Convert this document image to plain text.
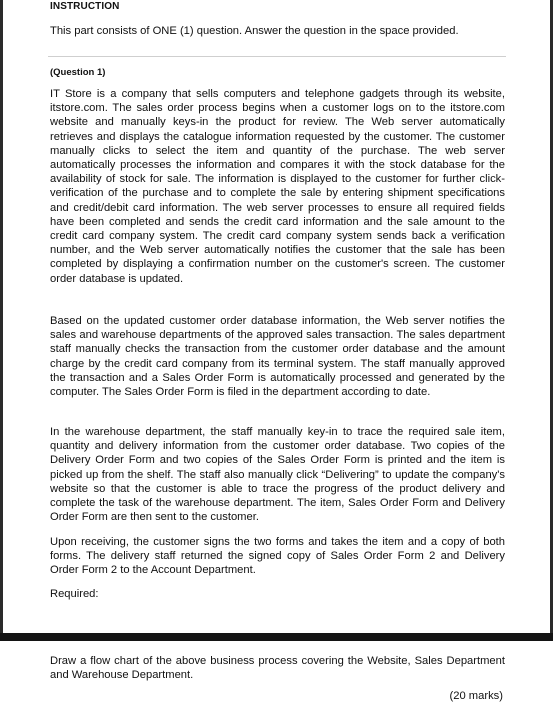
INSTRUCTION
This part consists of ONE (1) question. Answer the question in the space provided.
(Question 1)

IT Store is a company that sells computers and telephone gadgets through its website, itstore.com. The sales order process begins when a customer logs on to the itstore.com website and manually keys-in the product for review. The Web server automatically retrieves and displays the catalogue information requested by the customer. The customer manually clicks to select the item and quantity of the purchase. The web server automatically processes the information and compares it with the stock database for the availability of stock for sale. The information is displayed to the customer for further click-verification of the purchase and to complete the sale by entering shipment specifications and credit/debit card information. The web server processes to ensure all required fields have been completed and sends the credit card information and the sale amount to the credit card company system. The credit card company system sends back a verification number, and the Web server automatically notifies the customer that the sale has been completed by displaying a confirmation number on the customer's screen. The customer order database is updated.

Based on the updated customer order database information, the Web server notifies the sales and warehouse departments of the approved sales transaction. The sales department staff manually checks the transaction from the customer order database and the amount charge by the credit card company from its terminal system. The staff manually approved the transaction and a Sales Order Form is automatically processed and generated by the computer. The Sales Order Form is filed in the department according to date.

In the warehouse department, the staff manually key-in to trace the required sale item, quantity and delivery information from the customer order database. Two copies of the Delivery Order Form and two copies of the Sales Order Form is printed and the item is picked up from the shelf. The staff also manually click “Delivering” to update the company's website so that the customer is able to trace the progress of the product delivery and complete the task of the warehouse department. The item, Sales Order Form and Delivery Order Form are then sent to the customer.

Upon receiving, the customer signs the two forms and takes the item and a copy of both forms. The delivery staff returned the signed copy of Sales Order Form 2 and Delivery Order Form 2 to the Account Department.

Required:

Draw a flow chart of the above business process covering the Website, Sales Department and Warehouse Department.

(20 marks)
